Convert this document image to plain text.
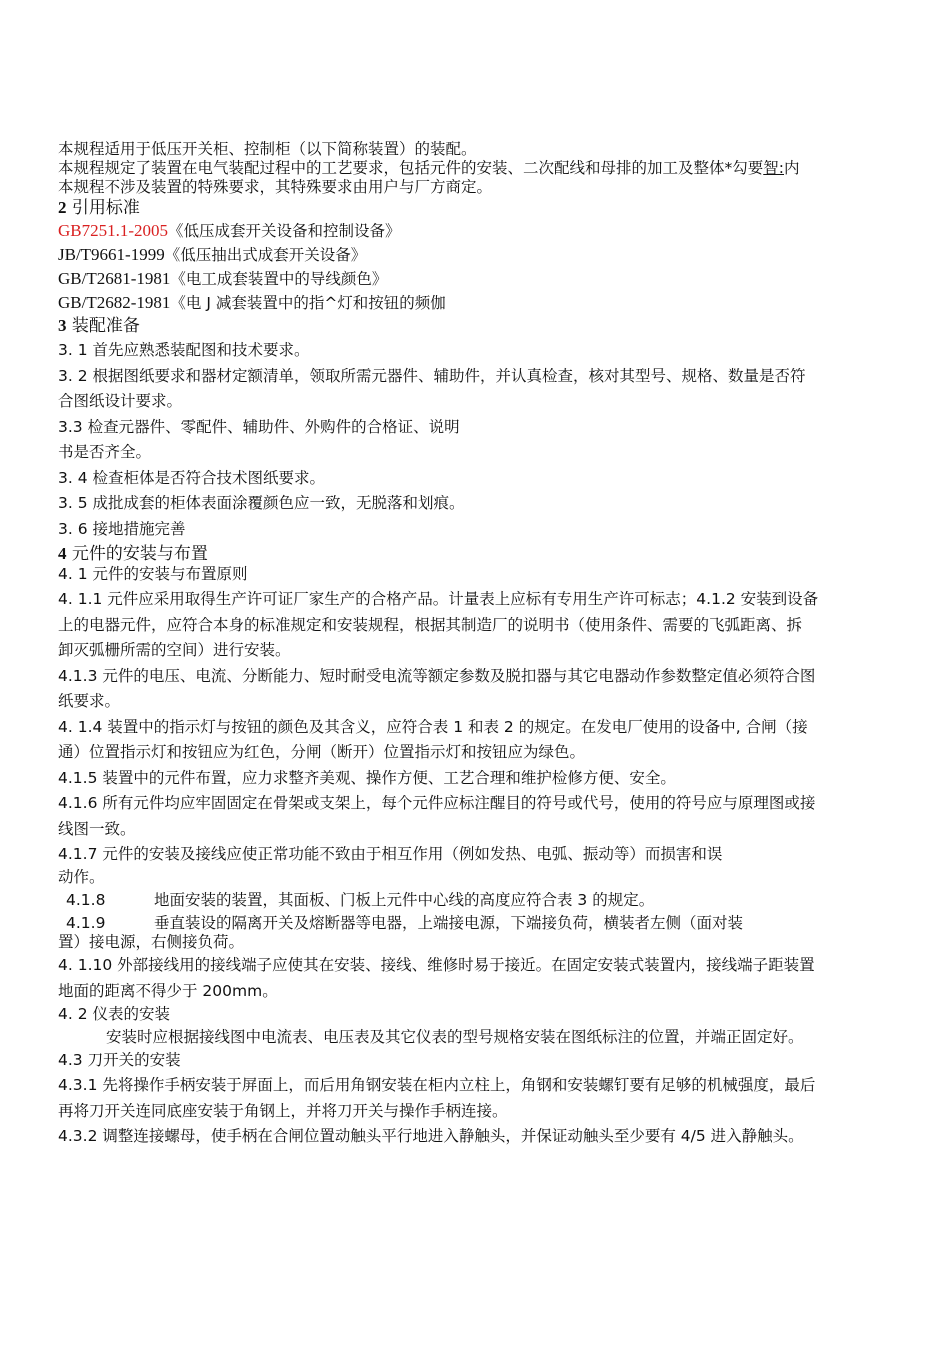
本规程适用于低压开关柜、控制柜（以下简称装置）的装配。

本规程规定了装置在电气装配过程中的工艺要求，包括元件的安装、二次配线和母排的加工及整体*勾要智:内

本规程不涉及装置的特殊要求，其特殊要求由用户与厂方商定。

2 引用标准

GB7251.1-2005《低压成套开关设备和控制设备》

JB/T9661-1999《低压抽出式成套开关设备》

GB/T2681-1981《电工成套装置中的导线颜色》

GB/T2682-1981《电 J 减套装置中的指^灯和按钮的频伽

3 装配准备

3. 1 首先应熟悉装配图和技术要求。

3. 2 根据图纸要求和器材定额清单，领取所需元器件、辅助件，并认真检查，核对其型号、规格、数量是否符

合图纸设计要求。

3.3 检查元器件、零配件、辅助件、外购件的合格证、说明

书是否齐全。

3. 4 检查柜体是否符合技术图纸要求。

3. 5 成批成套的柜体表面涂覆颜色应一致，无脱落和划痕。

3. 6 接地措施完善

4 元件的安装与布置

4. 1 元件的安装与布置原则

4. 1.1 元件应采用取得生产许可证厂家生产的合格产品。计量表上应标有专用生产许可标志；4.1.2 安装到设备

上的电器元件，应符合本身的标准规定和安装规程，根据其制造厂的说明书（使用条件、需要的飞弧距离、拆

卸灭弧栅所需的空间）进行安装。

4.1.3 元件的电压、电流、分断能力、短时耐受电流等额定参数及脱扣器与其它电器动作参数整定值必须符合图

纸要求。

4. 1.4 装置中的指示灯与按钮的颜色及其含义，应符合表 1 和表 2 的规定。在发电厂使用的设备中, 合闸（接

通）位置指示灯和按钮应为红色，分闸（断开）位置指示灯和按钮应为绿色。

4.1.5 装置中的元件布置，应力求整齐美观、操作方便、工艺合理和维护检修方便、安全。

4.1.6 所有元件均应牢固固定在骨架或支架上，每个元件应标注醒目的符号或代号，使用的符号应与原理图或接

线图一致。

4.1.7 元件的安装及接线应使正常功能不致由于相互作用（例如发热、电弧、振动等）而损害和误

动作。

4.1.8	地面安装的装置，其面板、门板上元件中心线的高度应符合表 3 的规定。
4.1.9	垂直装设的隔离开关及熔断器等电器，上端接电源，下端接负荷，横装者左侧（面对装

置）接电源，右侧接负荷。

4. 1.10 外部接线用的接线端子应使其在安装、接线、维修时易于接近。在固定安装式装置内，接线端子距装置

地面的距离不得少于 200mm。

4. 2 仪表的安装

安装时应根据接线图中电流表、电压表及其它仪表的型号规格安装在图纸标注的位置，并端正固定好。

4.3 刀开关的安装

4.3.1 先将操作手柄安装于屏面上，而后用角钢安装在柜内立柱上，角钢和安装螺钉要有足够的机械强度，最后

再将刀开关连同底座安装于角钢上，并将刀开关与操作手柄连接。

4.3.2 调整连接螺母，使手柄在合闸位置动触头平行地进入静触头，并保证动触头至少要有 4/5 进入静触头。
